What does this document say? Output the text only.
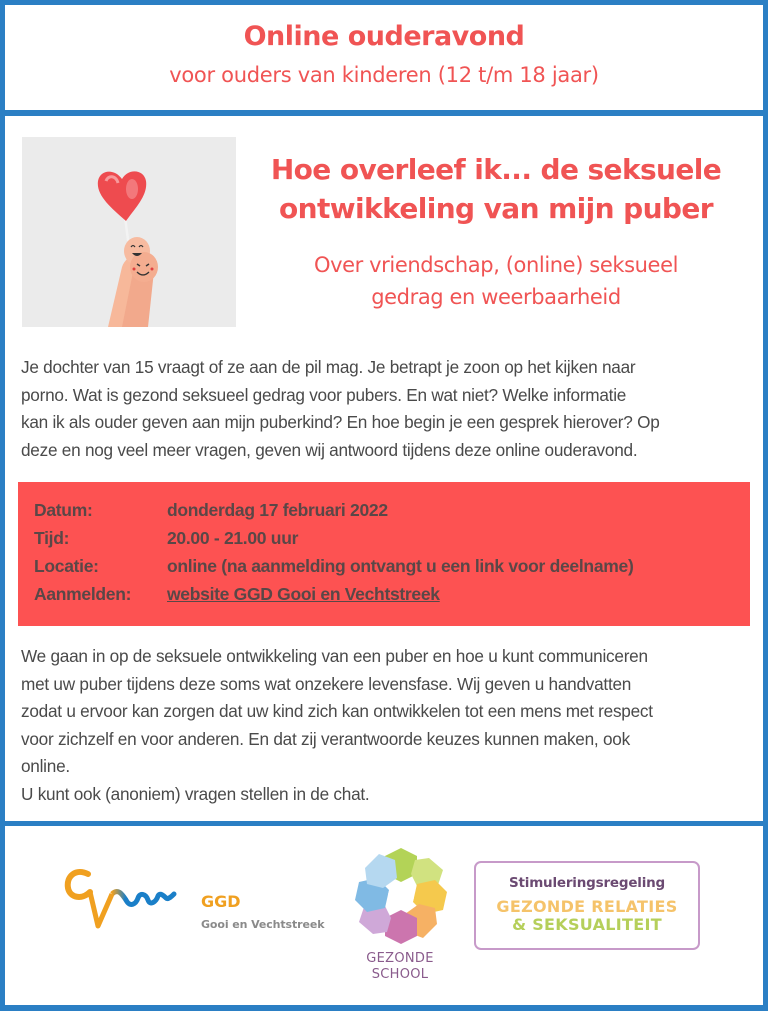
Online ouderavond
voor ouders van kinderen (12 t/m 18 jaar)
Hoe overleef ik... de seksuele
ontwikkeling van mijn puber
Over vriendschap, (online) seksueel
gedrag en weerbaarheid
Je dochter van 15 vraagt of ze aan de pil mag. Je betrapt je zoon op het kijken naar
porno. Wat is gezond seksueel gedrag voor pubers. En wat niet? Welke informatie
kan ik als ouder geven aan mijn puberkind? En hoe begin je een gesprek hierover? Op
deze en nog veel meer vragen, geven wij antwoord tijdens deze online ouderavond.
Datum:	donderdag 17 februari 2022
Tijd:	20.00 - 21.00 uur
Locatie:	online (na aanmelding ontvangt u een link voor deelname)
Aanmelden: website GGD Gooi en Vechtstreek
We gaan in op de seksuele ontwikkeling van een puber en hoe u kunt communiceren
met uw puber tijdens deze soms wat onzekere levensfase. Wij geven u handvatten
zodat u ervoor kan zorgen dat uw kind zich kan ontwikkelen tot een mens met respect
voor zichzelf en voor anderen. En dat zij verantwoorde keuzes kunnen maken, ook
online.
U kunt ook (anoniem) vragen stellen in de chat.
GGD
Gooi en Vechtstreek
GEZONDE
SCHOOL
Stimuleringsregeling
GEZONDE RELATIES
& SEKSUALITEIT
